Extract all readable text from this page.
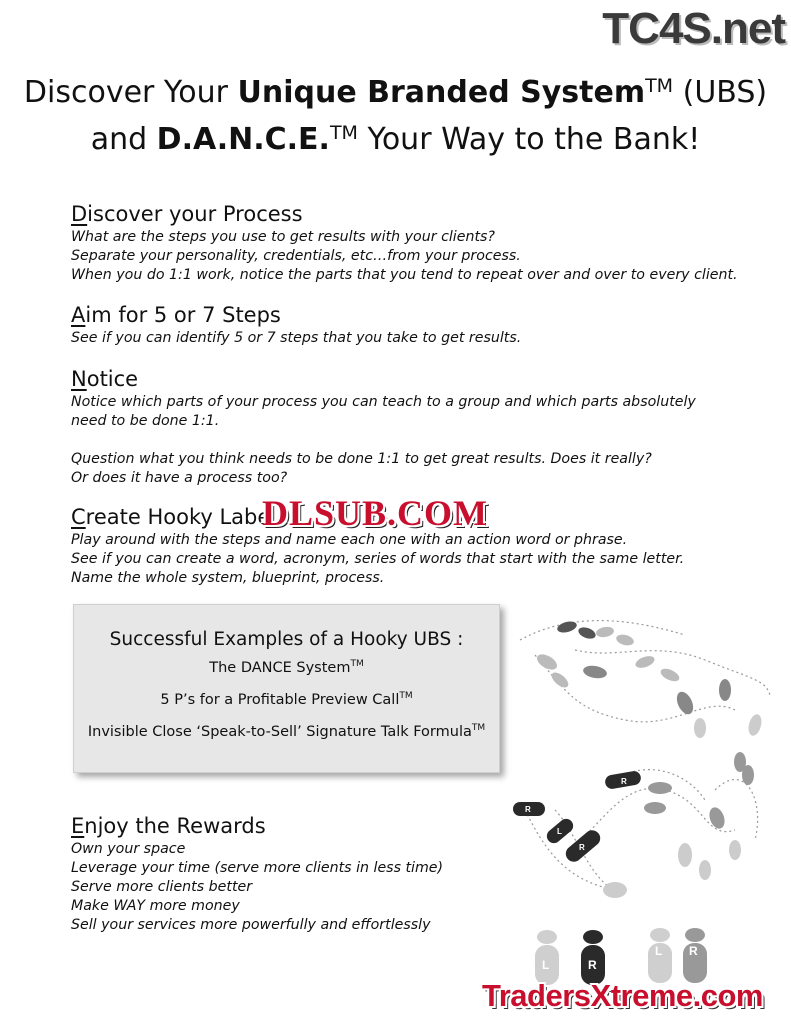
TC4S.net
Discover Your Unique Branded System™ (UBS)
and D.A.N.C.E.™ Your Way to the Bank!
Discover your Process

What are the steps you use to get results with your clients?

Separate your personality, credentials, etc…from your process.

When you do 1:1 work, notice the parts that you tend to repeat over and over to every client.

Aim for 5 or 7 Steps

See if you can identify 5 or 7 steps that you take to get results.

Notice

Notice which parts of your process you can teach to a group and which parts absolutely

need to be done 1:1.

Question what you think needs to be done 1:1 to get great results. Does it really?

Or does it have a process too?

Create Hooky Labe

Play around with the steps and name each one with an action word or phrase.

See if you can create a word, acronym, series of words that start with the same letter.

Name the whole system, blueprint, process.

DLSUB.COM
Successful Examples of a Hooky UBS :
The DANCE System™
5 P’s for a Profitable Preview Call™
Invisible Close ‘Speak-to-Sell’ Signature Talk Formula™
Enjoy the Rewards

Own your space

Leverage your time (serve more clients in less time)

Serve more clients better

Make WAY more money

Sell your services more powerfully and effortlessly

R
L
R
R
L	R
L R
TradersXtreme.com
